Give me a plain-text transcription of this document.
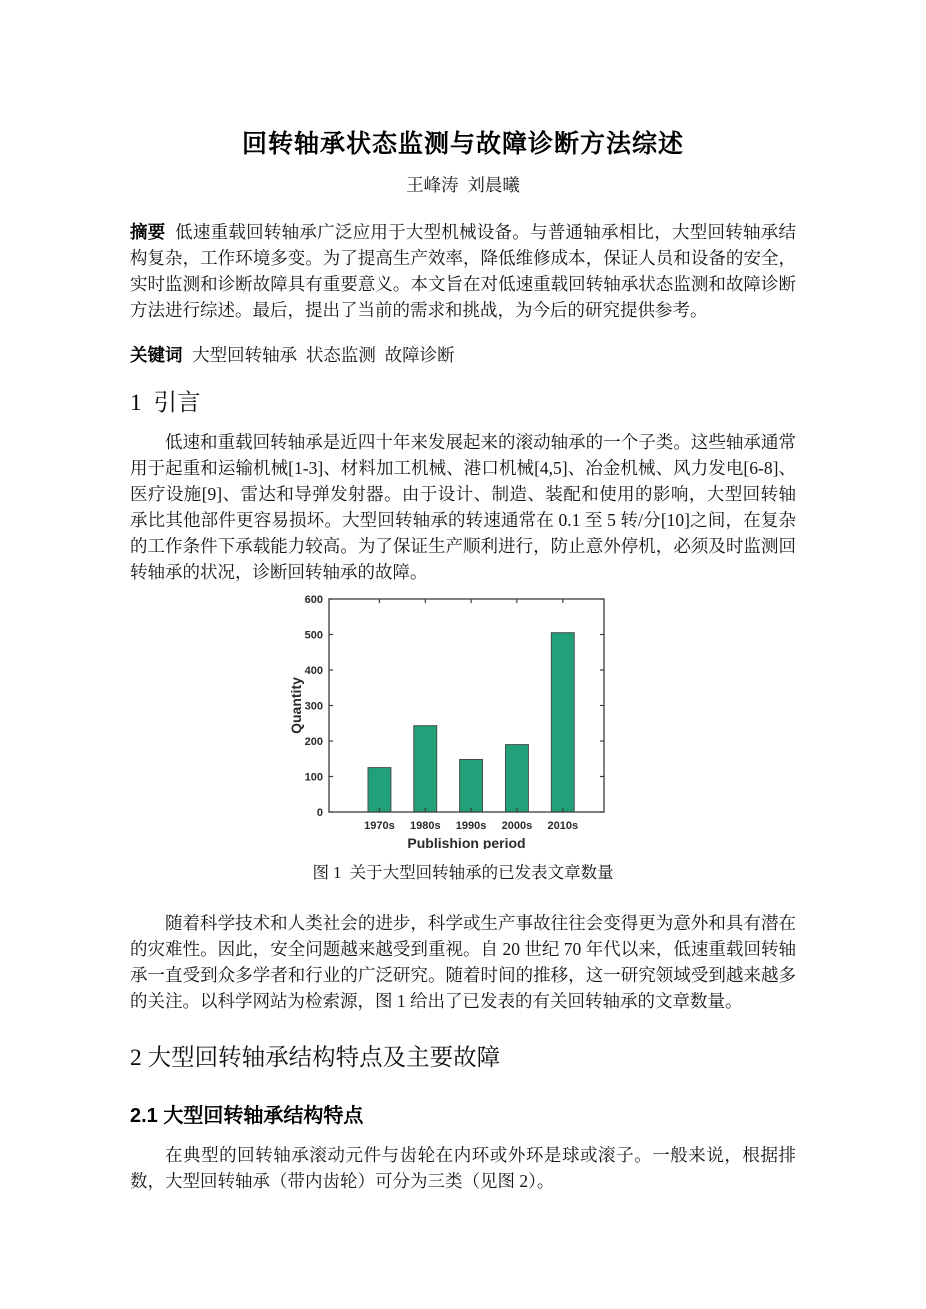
回转轴承状态监测与故障诊断方法综述
王峰涛  刘晨曦

摘要 低速重载回转轴承广泛应用于大型机械设备。与普通轴承相比，大型回转轴承结构复杂，工作环境多变。为了提高生产效率，降低维修成本，保证人员和设备的安全，实时监测和诊断故障具有重要意义。本文旨在对低速重载回转轴承状态监测和故障诊断方法进行综述。最后，提出了当前的需求和挑战，为今后的研究提供参考。

关键词 大型回转轴承  状态监测  故障诊断

1  引言

低速和重载回转轴承是近四十年来发展起来的滚动轴承的一个子类。这些轴承通常用于起重和运输机械[1-3]、材料加工机械、港口机械[4,5]、冶金机械、风力发电[6-8]、医疗设施[9]、雷达和导弹发射器。由于设计、制造、装配和使用的影响，大型回转轴承比其他部件更容易损坏。大型回转轴承的转速通常在 0.1 至 5 转/分[10]之间，在复杂的工作条件下承载能力较高。为了保证生产顺利进行，防止意外停机，必须及时监测回转轴承的状况，诊断回转轴承的故障。

0
100
200
300
400
500
600
1970s 1980s 1990s 2000s 2010s
Publishion period
Quantity
图 1  关于大型回转轴承的已发表文章数量

随着科学技术和人类社会的进步，科学或生产事故往往会变得更为意外和具有潜在的灾难性。因此，安全问题越来越受到重视。自 20 世纪 70 年代以来，低速重载回转轴承一直受到众多学者和行业的广泛研究。随着时间的推移，这一研究领域受到越来越多的关注。以科学网站为检索源，图 1 给出了已发表的有关回转轴承的文章数量。

2 大型回转轴承结构特点及主要故障
2.1 大型回转轴承结构特点

在典型的回转轴承滚动元件与齿轮在内环或外环是球或滚子。一般来说，根据排数，大型回转轴承（带内齿轮）可分为三类（见图 2）。
